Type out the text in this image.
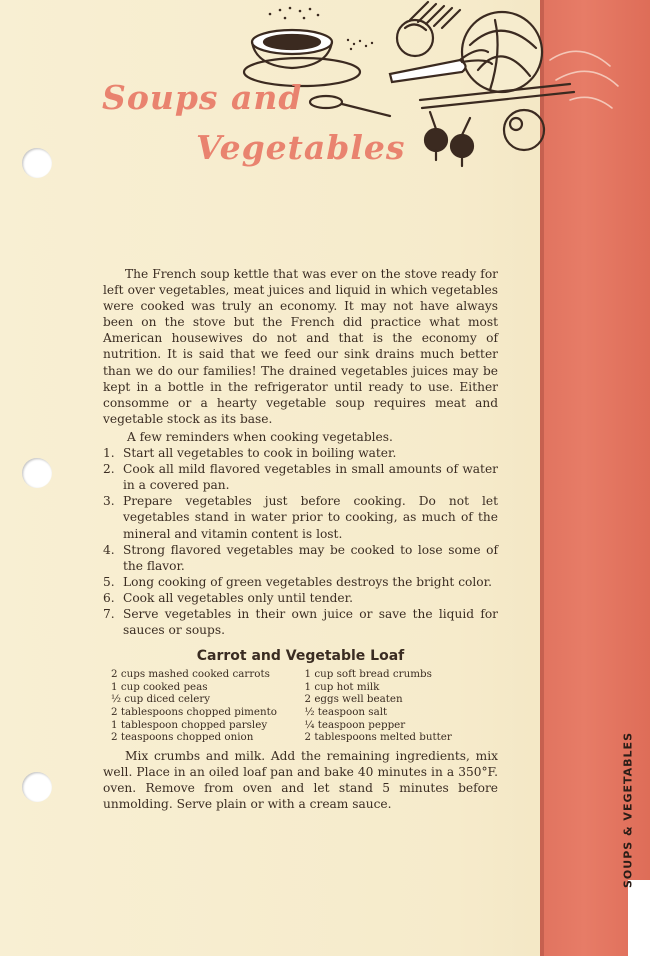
SOUPS & VEGETABLES
Soups and
Vegetables

The French soup kettle that was ever on the stove ready for left over vegetables, meat juices and liquid in which vegetables were cooked was truly an economy. It may not have always been on the stove but the French did practice what most American housewives do not and that is the economy of nutrition. It is said that we feed our sink drains much better than we do our families! The drained vegetables juices may be kept in a bottle in the refrigerator until ready to use. Either consomme or a hearty vegetable soup requires meat and vegetable stock as its base.

A few reminders when cooking vegetables.

1. Start all vegetables to cook in boiling water.
2. Cook all mild flavored vegetables in small amounts of water in a covered pan.
3. Prepare vegetables just before cooking. Do not let vegetables stand in water prior to cooking, as much of the mineral and vitamin content is lost.
4. Strong flavored vegetables may be cooked to lose some of the flavor.
5. Long cooking of green vegetables destroys the bright color.
6. Cook all vegetables only until tender.
7. Serve vegetables in their own juice or save the liquid for sauces or soups.

Carrot and Vegetable Loaf

2 cups mashed cooked carrots
1 cup cooked peas
½ cup diced celery
2 tablespoons chopped pimento
1 tablespoon chopped parsley
2 teaspoons chopped onion
1 cup soft bread crumbs
1 cup hot milk
2 eggs well beaten
½ teaspoon salt
¼ teaspoon pepper
2 tablespoons melted butter

Mix crumbs and milk. Add the remaining ingredients, mix well. Place in an oiled loaf pan and bake 40 minutes in a 350°F. oven. Remove from oven and let stand 5 minutes before unmolding. Serve plain or with a cream sauce.
